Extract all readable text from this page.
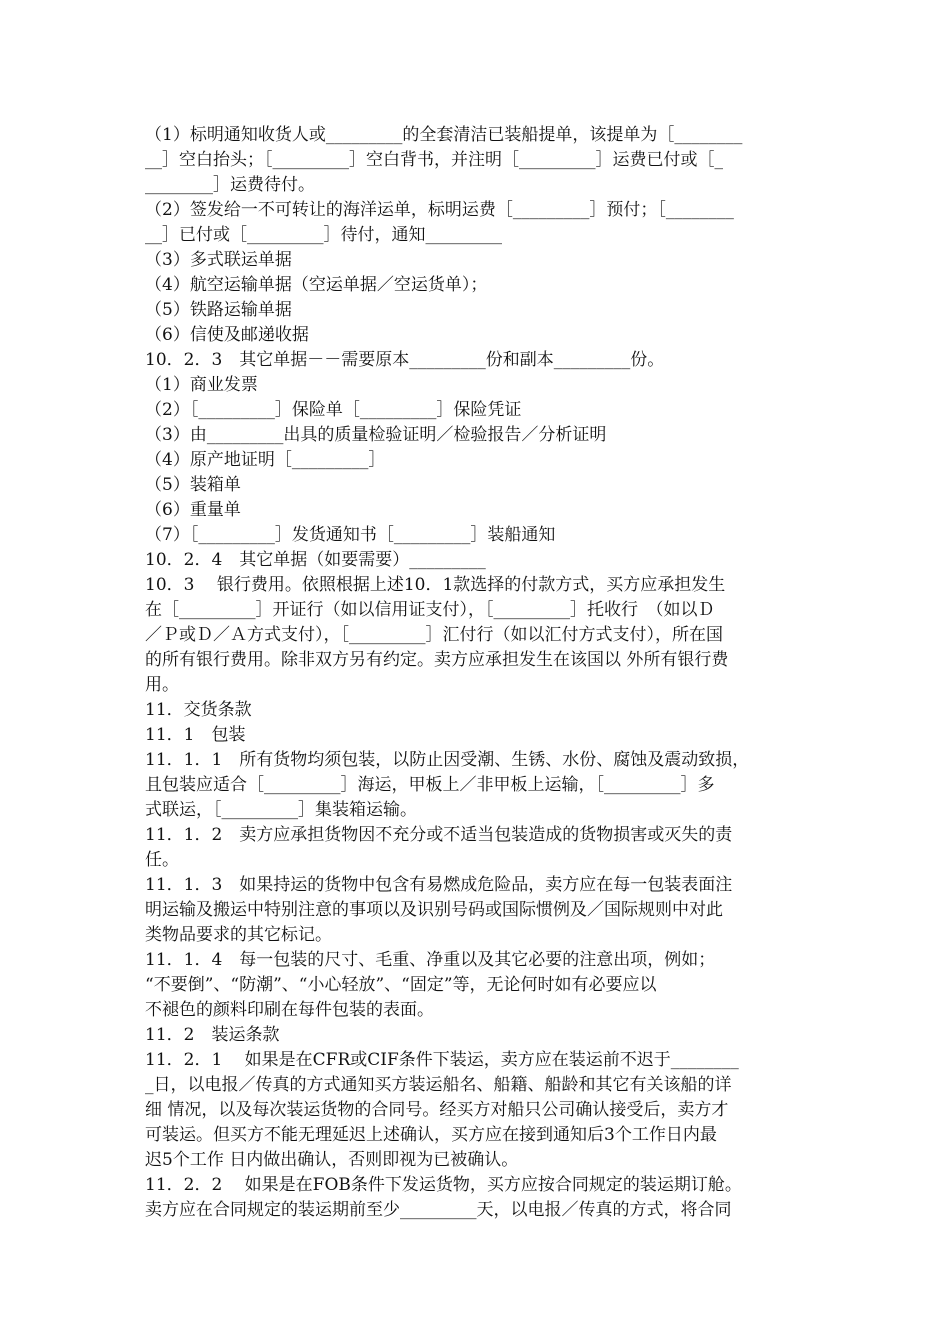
（1）标明通知收货人或_________的全套清洁已装船提单，该提单为［________
__］空白抬头；［_________］空白背书，并注明［_________］运费已付或［_
________］运费待付。
（2）签发给一不可转让的海洋运单，标明运费［_________］预付；［________
__］已付或［_________］待付，通知_________
（3）多式联运单据
（4）航空运输单据（空运单据／空运货单）；
（5）铁路运输单据
（6）信使及邮递收据
10．2．3　其它单据－－需要原本_________份和副本_________份。
（1）商业发票
（2）［_________］保险单［_________］保险凭证
（3）由_________出具的质量检验证明／检验报告／分析证明
（4）原产地证明［_________］
（5）装箱单
（6）重量单
（7）［_________］发货通知书［_________］装船通知
10．2．4　其它单据（如要需要）_________
10．3　 银行费用。依照根据上述10．1款选择的付款方式，买方应承担发生
在［_________］开证行（如以信用证支付），［_________］托收行　（如以Ｄ
／Ｐ或Ｄ／Ａ方式支付），［_________］汇付行（如以汇付方式支付），所在国
的所有银行费用。除非双方另有约定。卖方应承担发生在该国以 外所有银行费
用。
11．交货条款
11．1　包装
11．1．1　所有货物均须包装，以防止因受潮、生锈、水份、腐蚀及震动致损，
且包装应适合［_________］海运，甲板上／非甲板上运输，［_________］多
式联运，［_________］集装箱运输。
11．1．2　卖方应承担货物因不充分或不适当包装造成的货物损害或灭失的责
任。
11．1．3　如果持运的货物中包含有易燃成危险品，卖方应在每一包装表面注
明运输及搬运中特别注意的事项以及识别号码或国际惯例及／国际规则中对此
类物品要求的其它标记。
11．1．4　每一包装的尺寸、毛重、净重以及其它必要的注意出项，例如；
“不要倒”、“防潮”、“小心轻放”、“固定”等，无论何时如有必要应以
不褪色的颜料印刷在每件包装的表面。
11．2　装运条款
11．2．1　 如果是在CFR或CIF条件下装运，卖方应在装运前不迟于________
_日，以电报／传真的方式通知买方装运船名、船籍、船龄和其它有关该船的详
细 情况，以及每次装运货物的合同号。经买方对船只公司确认接受后，卖方才
可装运。但买方不能无理延迟上述确认，买方应在接到通知后3个工作日内最
迟5个工作 日内做出确认，否则即视为已被确认。
11．2．2　 如果是在FOB条件下发运货物，买方应按合同规定的装运期订舱。
卖方应在合同规定的装运期前至少_________天，以电报／传真的方式，将合同
